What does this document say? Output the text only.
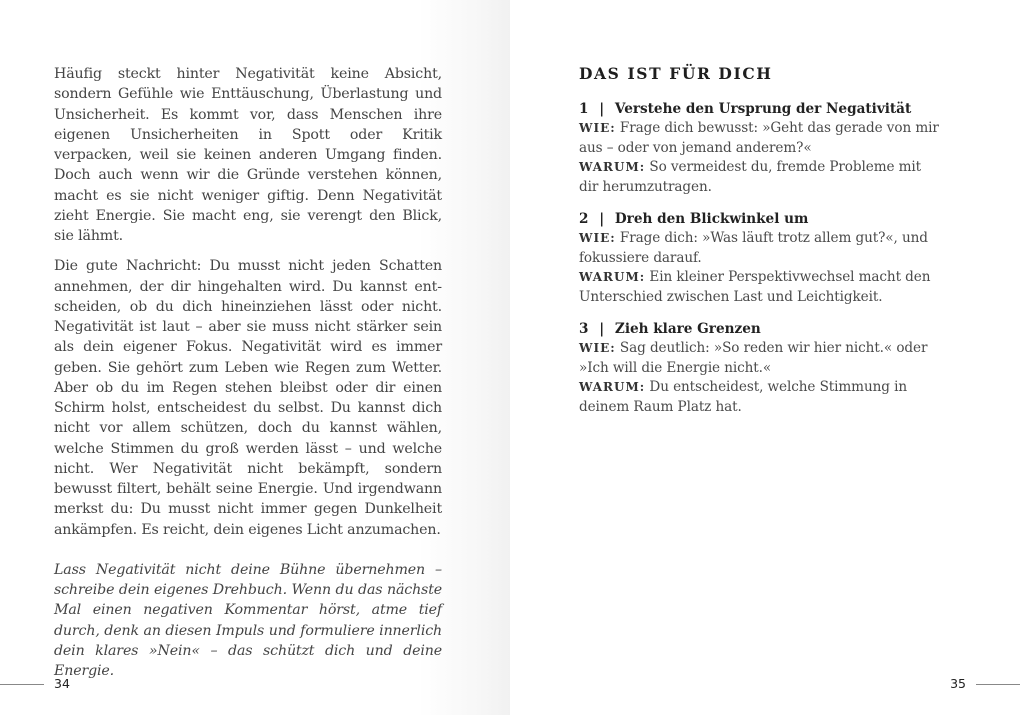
Häufig steckt hinter Negativität keine Absicht, sondern Gefühle wie Enttäuschung, Überlastung und Unsicherheit. Es kommt vor, dass Menschen ihre eigenen Unsicherheiten in Spott oder Kritik verpacken, weil sie keinen anderen Umgang finden. Doch auch wenn wir die Gründe verstehen können, macht es sie nicht weniger giftig. Denn Negativität zieht Energie. Sie macht eng, sie verengt den Blick, sie lähmt.

Die gute Nachricht: Du musst nicht jeden Schatten annehmen, der dir hingehalten wird. Du kannst entscheiden, ob du dich hineinziehen lässt oder nicht. Negativität ist laut – aber sie muss nicht stärker sein als dein eigener Fokus. Negativität wird es immer geben. Sie gehört zum Leben wie Regen zum Wetter. Aber ob du im Regen stehen bleibst oder dir einen Schirm holst, entscheidest du selbst. Du kannst dich nicht vor allem schützen, doch du kannst wählen, welche Stimmen du groß werden lässt – und welche nicht. Wer Negativität nicht bekämpft, sondern bewusst filtert, behält seine Energie. Und irgendwann merkst du: Du musst nicht immer gegen Dunkelheit ankämpfen. Es reicht, dein eigenes Licht anzumachen.

Lass Negativität nicht deine Bühne übernehmen – schreibe dein eigenes Drehbuch. Wenn du das nächste Mal einen negativen Kommentar hörst, atme tief durch, denk an diesen Impuls und formuliere innerlich dein klares »Nein« – das schützt dich und deine Energie.

34
DAS IST FÜR DICH
1 | Verstehe den Ursprung der Negativität
WIE: Frage dich bewusst: »Geht das gerade von mir aus – oder von jemand anderem?«
WARUM: So vermeidest du, fremde Probleme mit dir herumzutragen.
2 | Dreh den Blickwinkel um
WIE: Frage dich: »Was läuft trotz allem gut?«, und fokussiere darauf.
WARUM: Ein kleiner Perspektivwechsel macht den Unterschied zwischen Last und Leichtigkeit.
3 | Zieh klare Grenzen
WIE: Sag deutlich: »So reden wir hier nicht.« oder »Ich will die Energie nicht.«
WARUM: Du entscheidest, welche Stimmung in deinem Raum Platz hat.
35
